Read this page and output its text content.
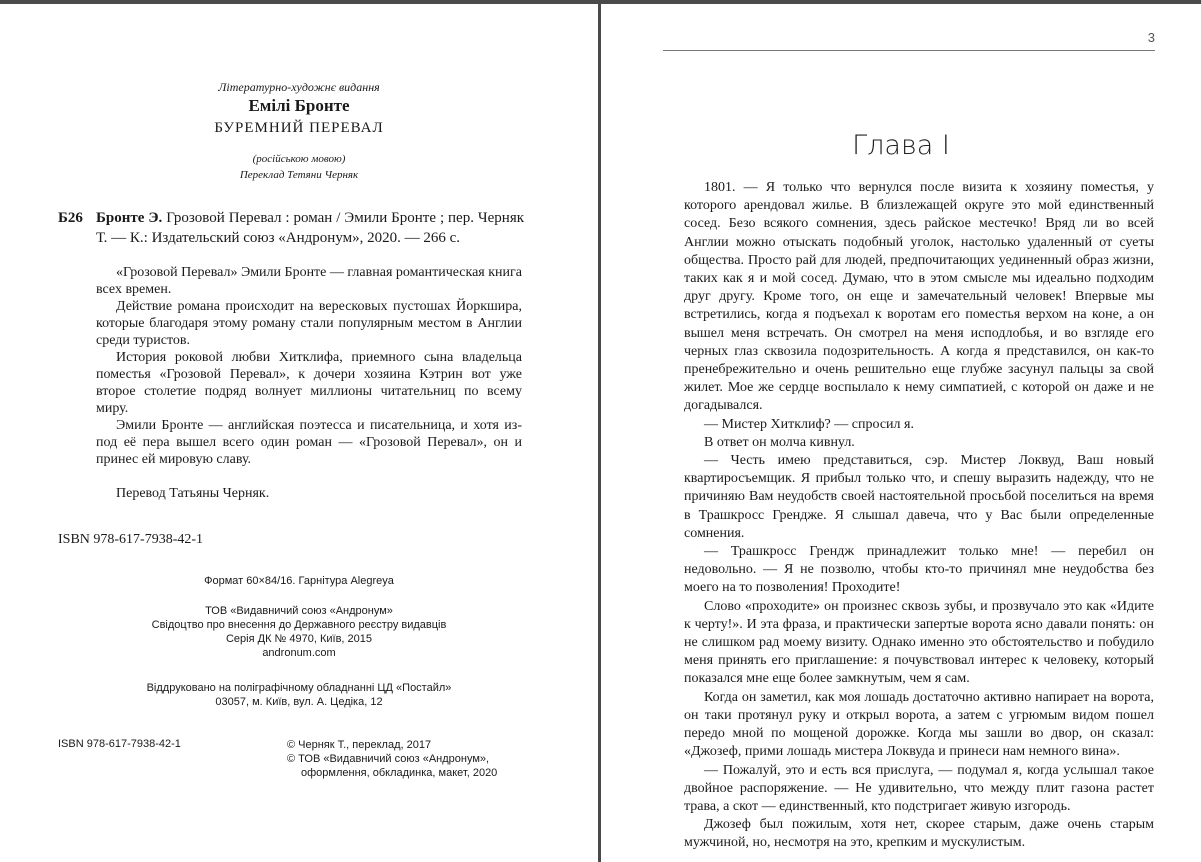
Літературно-художнє видання
Емілі Бронте
БУРЕМНИЙ ПЕРЕВАЛ
(російською мовою)
Переклад Тетяни Черняк
Б26 Бронте Э. Грозовой Перевал : роман / Эмили Бронте ; пер. Черняк Т. — К.: Издательский союз «Андронум», 2020. — 266 с.

«Грозовой Перевал» Эмили Бронте — главная романтическая книга всех времен.

Действие романа происходит на вересковых пустошах Йоркшира, которые благодаря этому роману стали популярным местом в Англии среди туристов.

История роковой любви Хитклифа, приемного сына владельца поместья «Грозовой Перевал», к дочери хозяина Кэтрин вот уже второе столетие подряд волнует миллионы читательниц по всему миру.

Эмили Бронте — английская поэтесса и писательница, и хотя из-под её пера вышел всего один роман — «Грозовой Перевал», он и принес ей мировую славу.

Перевод Татьяны Черняк.

ISBN 978-617-7938-42-1
Формат 60×84/16. Гарнітура Alegreya
ТОВ «Видавничий союз «Андронум»
Свідоцтво про внесення до Державного реєстру видавців
Серія ДК № 4970, Київ, 2015
andronum.com
Віддруковано на поліграфічному обладнанні ЦД «Постайл»
03057, м. Київ, вул. А. Цедіка, 12
ISBN 978-617-7938-42-1	© Черняк Т., переклад, 2017
© ТОВ «Видавничий союз «Андронум»,
оформлення, обкладинка, макет, 2020
3
Глава I

1801. — Я только что вернулся после визита к хозяину поместья, у которого арендовал жилье. В близлежащей округе это мой единственный сосед. Безо всякого сомнения, здесь райское местечко! Вряд ли во всей Англии можно отыскать подобный уголок, настолько удаленный от суеты общества. Просто рай для людей, предпочитающих уединенный образ жизни, таких как я и мой сосед. Думаю, что в этом смысле мы идеально подходим друг другу. Кроме того, он еще и замечательный человек! Впервые мы встретились, когда я подъехал к воротам его поместья верхом на коне, а он вышел меня встречать. Он смотрел на меня исподлобья, и во взгляде его черных глаз сквозила подозрительность. А когда я представился, он как-то пренебрежительно и очень решительно еще глубже засунул пальцы за свой жилет. Мое же сердце воспылало к нему симпатией, с которой он даже и не догадывался.

— Мистер Хитклиф? — спросил я.

В ответ он молча кивнул.

— Честь имею представиться, сэр. Мистер Локвуд, Ваш новый квартиросъемщик. Я прибыл только что, и спешу выразить надежду, что не причиняю Вам неудобств своей настоятельной просьбой поселиться на время в Трашкросс Грендже. Я слышал давеча, что у Вас были определенные сомнения.

— Трашкросс Грендж принадлежит только мне! — перебил он недовольно. — Я не позволю, чтобы кто-то причинял мне неудобства без моего на то позволения! Проходите!

Слово «проходите» он произнес сквозь зубы, и прозвучало это как «Идите к черту!». И эта фраза, и практически запертые ворота ясно давали понять: он не слишком рад моему визиту. Однако именно это обстоятельство и побудило меня принять его приглашение: я почувствовал интерес к человеку, который показался мне еще более замкнутым, чем я сам.

Когда он заметил, как моя лошадь достаточно активно напирает на ворота, он таки протянул руку и открыл ворота, а затем с угрюмым видом пошел передо мной по мощеной дорожке. Когда мы зашли во двор, он сказал: «Джозеф, прими лошадь мистера Локвуда и принеси нам немного вина».

— Пожалуй, это и есть вся прислуга, — подумал я, когда услышал такое двойное распоряжение. — Не удивительно, что между плит газона растет трава, а скот — единственный, кто подстригает живую изгородь.

Джозеф был пожилым, хотя нет, скорее старым, даже очень старым мужчиной, но, несмотря на это, крепким и мускулистым.
